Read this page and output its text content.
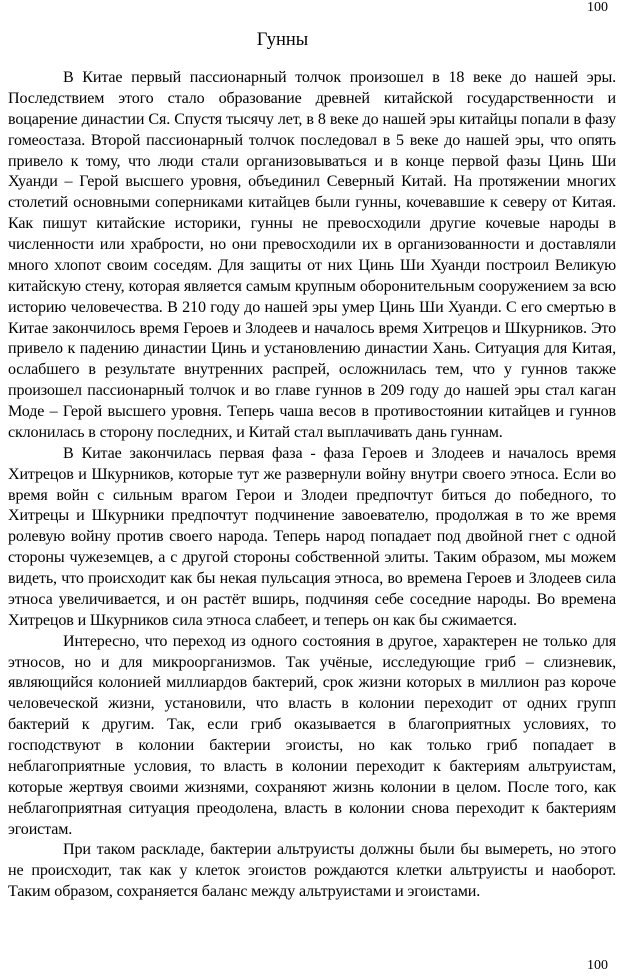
100
Гунны

В Китае первый пассионарный толчок произошел в 18 веке до нашей эры. Последствием этого стало образование древней китайской государственности и воцарение династии Ся. Спустя тысячу лет, в 8 веке до нашей эры китайцы попали в фазу гомеостаза. Второй пассионарный толчок последовал в 5 веке до нашей эры, что опять привело к тому, что люди стали организовываться и в конце первой фазы Цинь Ши Хуанди – Герой высшего уровня, объединил Северный Китай. На протяжении многих столетий основными соперниками китайцев были гунны, кочевавшие к северу от Китая. Как пишут китайские историки, гунны не превосходили другие кочевые народы в численности или храбрости, но они превосходили их в организованности и доставляли много хлопот своим соседям. Для защиты от них Цинь Ши Хуанди построил Великую китайскую стену, которая является самым крупным оборонительным сооружением за всю историю человечества. В 210 году до нашей эры умер Цинь Ши Хуанди. С его смертью в Китае закончилось время Героев и Злодеев и началось время Хитрецов и Шкурников. Это привело к падению династии Цинь и установлению династии Хань. Ситуация для Китая, ослабшего в результате внутренних распрей, осложнилась тем, что у гуннов также произошел пассионарный толчок и во главе гуннов в 209 году до нашей эры стал каган Моде – Герой высшего уровня. Теперь чаша весов в противостоянии китайцев и гуннов склонилась в сторону последних, и Китай стал выплачивать дань гуннам.

В Китае закончилась первая фаза - фаза Героев и Злодеев и началось время Хитрецов и Шкурников, которые тут же развернули войну внутри своего этноса. Если во время войн с сильным врагом Герои и Злодеи предпочтут биться до победного, то Хитрецы и Шкурники предпочтут подчинение завоевателю, продолжая в то же время ролевую войну против своего народа. Теперь народ попадает под двойной гнет с одной стороны чужеземцев, а с другой стороны собственной элиты. Таким образом, мы можем видеть, что происходит как бы некая пульсация этноса, во времена Героев и Злодеев сила этноса увеличивается, и он растёт вширь, подчиняя себе соседние народы. Во времена Хитрецов и Шкурников сила этноса слабеет, и теперь он как бы сжимается.

Интересно, что переход из одного состояния в другое, характерен не только для этносов, но и для микроорганизмов. Так учёные, исследующие гриб – слизневик, являющийся колонией миллиардов бактерий, срок жизни которых в миллион раз короче человеческой жизни, установили, что власть в колонии переходит от одних групп бактерий к другим. Так, если гриб оказывается в благоприятных условиях, то господствуют в колонии бактерии эгоисты, но как только гриб попадает в неблагоприятные условия, то власть в колонии переходит к бактериям альтруистам, которые жертвуя своими жизнями, сохраняют жизнь колонии в целом. После того, как неблагоприятная ситуация преодолена, власть в колонии снова переходит к бактериям эгоистам.

При таком раскладе, бактерии альтруисты должны были бы вымереть, но этого не происходит, так как у клеток эгоистов рождаются клетки альтруисты и наоборот. Таким образом, сохраняется баланс между альтруистами и эгоистами.

100
